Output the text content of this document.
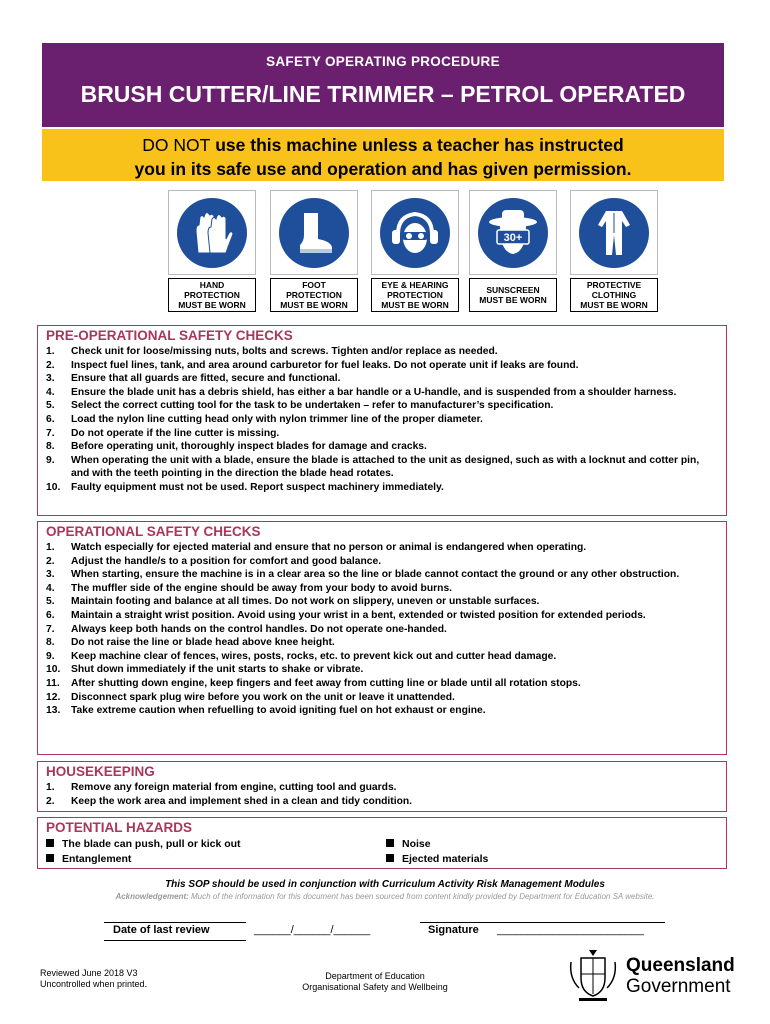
SAFETY OPERATING PROCEDURE
BRUSH CUTTER/LINE TRIMMER – PETROL OPERATED
DO NOT use this machine unless a teacher has instructed
you in its safe use and operation and has given permission.
HAND
PROTECTION
MUST BE WORN
FOOT
PROTECTION
MUST BE WORN
EYE & HEARING
PROTECTION
MUST BE WORN
30+
SUNSCREEN
MUST BE WORN
PROTECTIVE
CLOTHING
MUST BE WORN
PRE-OPERATIONAL SAFETY CHECKS
1. Check unit for loose/missing nuts, bolts and screws. Tighten and/or replace as needed.
2. Inspect fuel lines, tank, and area around carburetor for fuel leaks. Do not operate unit if leaks are found.
3. Ensure that all guards are fitted, secure and functional.
4. Ensure the blade unit has a debris shield, has either a bar handle or a U-handle, and is suspended from a shoulder harness.
5. Select the correct cutting tool for the task to be undertaken – refer to manufacturer’s specification.
6. Load the nylon line cutting head only with nylon trimmer line of the proper diameter.
7. Do not operate if the line cutter is missing.
8. Before operating unit, thoroughly inspect blades for damage and cracks.
9. When operating the unit with a blade, ensure the blade is attached to the unit as designed, such as with a locknut and cotter pin, and with the teeth pointing in the direction the blade head rotates.
10. Faulty equipment must not be used. Report suspect machinery immediately.
OPERATIONAL SAFETY CHECKS
1. Watch especially for ejected material and ensure that no person or animal is endangered when operating.
2. Adjust the handle/s to a position for comfort and good balance.
3. When starting, ensure the machine is in a clear area so the line or blade cannot contact the ground or any other obstruction.
4. The muffler side of the engine should be away from your body to avoid burns.
5. Maintain footing and balance at all times. Do not work on slippery, uneven or unstable surfaces.
6. Maintain a straight wrist position. Avoid using your wrist in a bent, extended or twisted position for extended periods.
7. Always keep both hands on the control handles. Do not operate one-handed.
8. Do not raise the line or blade head above knee height.
9. Keep machine clear of fences, wires, posts, rocks, etc. to prevent kick out and cutter head damage.
10. Shut down immediately if the unit starts to shake or vibrate.
11. After shutting down engine, keep fingers and feet away from cutting line or blade until all rotation stops.
12. Disconnect spark plug wire before you work on the unit or leave it unattended.
13. Take extreme caution when refuelling to avoid igniting fuel on hot exhaust or engine.
HOUSEKEEPING
1. Remove any foreign material from engine, cutting tool and guards.
2. Keep the work area and implement shed in a clean and tidy condition.
POTENTIAL HAZARDS
The blade can push, pull or kick out
Entanglement
Noise
Ejected materials
This SOP should be used in conjunction with Curriculum Activity Risk Management Modules
Acknowledgement: Much of the information for this document has been sourced from content kindly provided by Department for Education SA website.
Date of last review	______/______/______	Signature ________________________
Reviewed June 2018 V3
Uncontrolled when printed.
Department of Education
Organisational Safety and Wellbeing
Queensland
Government
